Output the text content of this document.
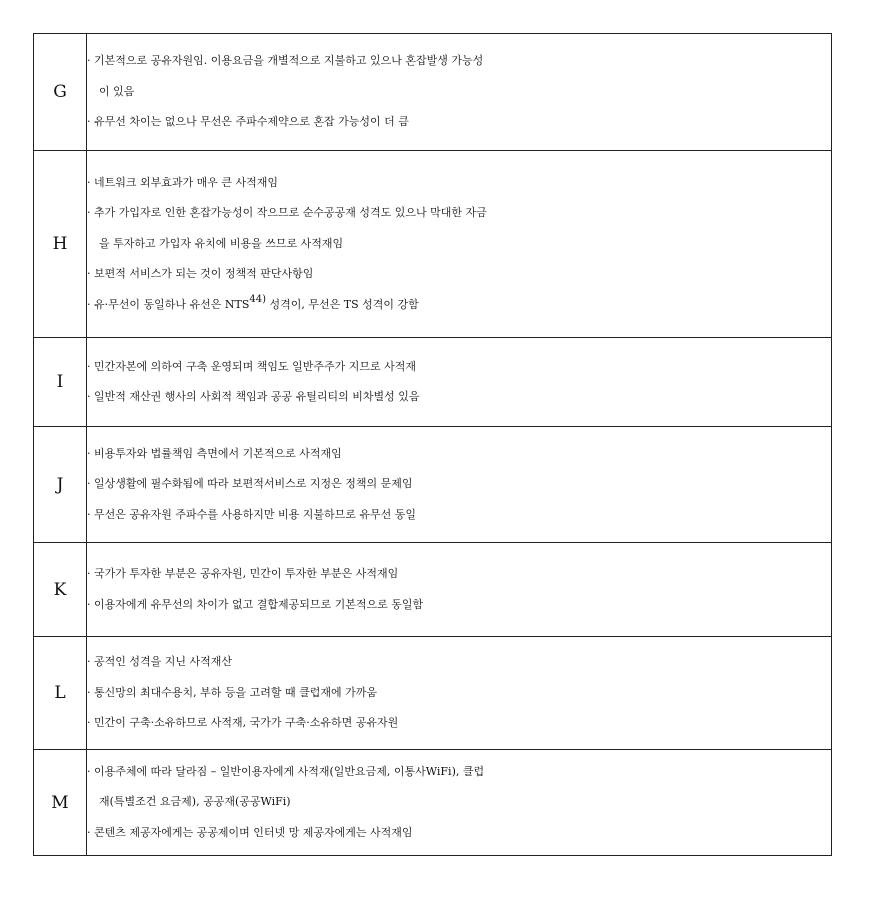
G	· 기본적으로 공유자원임. 이용요금을 개별적으로 지불하고 있으나 혼잡발생 가능성
이 있음
· 유무선 차이는 없으나 무선은 주파수제약으로 혼잡 가능성이 더 큼

H	· 네트워크 외부효과가 매우 큰 사적재임
· 추가 가입자로 인한 혼잡가능성이 작으므로 순수공공재 성격도 있으나 막대한 자금
을 투자하고 가입자 유치에 비용을 쓰므로 사적재임
· 보편적 서비스가 되는 것이 정책적 판단사항임
· 유·무선이 동일하나 유선은 NTS$^{44)}$ 성격이, 무선은 TS 성격이 강함

I	· 민간자본에 의하여 구축 운영되며 책임도 일반주주가 지므로 사적재
· 일반적 재산권 행사의 사회적 책임과 공공 유틸리티의 비차별성 있음

J	· 비용투자와 법률책임 측면에서 기본적으로 사적재임
· 일상생활에 필수화됨에 따라 보편적서비스로 지정은 정책의 문제임
· 무선은 공유자원 주파수를 사용하지만 비용 지불하므로 유무선 동일

K	· 국가가 투자한 부분은 공유자원, 민간이 투자한 부분은 사적재임
· 이용자에게 유무선의 차이가 없고 결합제공되므로 기본적으로 동일함

L	· 공적인 성격을 지닌 사적재산
· 통신망의 최대수용치, 부하 등을 고려할 때 클럽재에 가까움
· 민간이 구축·소유하므로 사적재, 국가가 구축·소유하면 공유자원

M	· 이용주체에 따라 달라짐 – 일반이용자에게 사적재(일반요금제, 이통사WiFi), 클럽
재(특별조건 요금제), 공공재(공공WiFi)
· 콘텐츠 제공자에게는 공공제이며 인터넷 망 제공자에게는 사적재임
